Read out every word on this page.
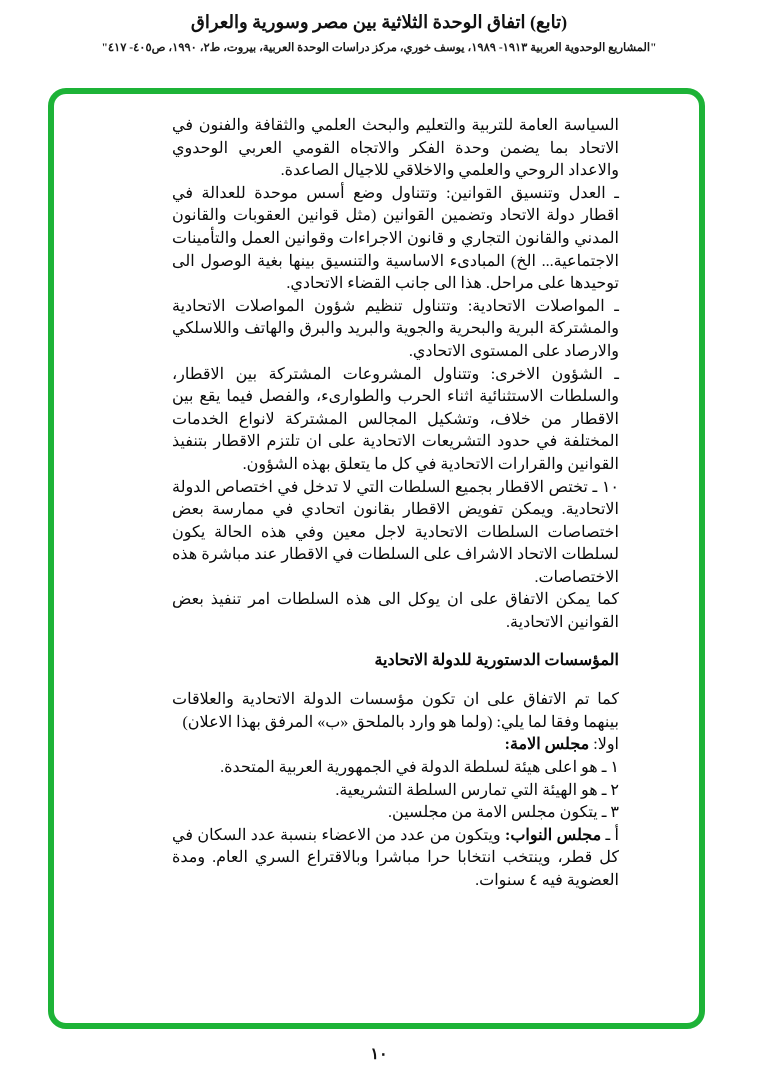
(تابع) اتفاق الوحدة الثلاثية بين مصر وسورية والعراق
"المشاريع الوحدوية العربية ١٩١٣- ١٩٨٩، يوسف خوري، مركز دراسات الوحدة العربية، بيروت، ط٢، ١٩٩٠، ص٤٠٥- ٤١٧"

السياسة العامة للتربية والتعليم والبحث العلمي والثقافة والفنون في الاتحاد بما يضمن وحدة الفكر والاتجاه القومي العربي الوحدوي والاعداد الروحي والعلمي والاخلاقي للاجيال الصاعدة.

ـ العدل وتنسيق القوانين: وتتناول وضع أسس موحدة للعدالة في اقطار دولة الاتحاد وتضمين القوانين (مثل قوانين العقوبات والقانون المدني والقانون التجاري و قانون الاجراءات وقوانين العمل والتأمينات الاجتماعية... الخ) المبادىء الاساسية والتنسيق بينها بغية الوصول الى توحيدها على مراحل. هذا الى جانب القضاء الاتحادي.

ـ المواصلات الاتحادية: وتتناول تنظيم شؤون المواصلات الاتحادية والمشتركة البرية والبحرية والجوية والبريد والبرق والهاتف واللاسلكي والارصاد على المستوى الاتحادي.

ـ الشؤون الاخرى: وتتناول المشروعات المشتركة بين الاقطار، والسلطات الاستثنائية اثناء الحرب والطوارىء، والفصل فيما يقع بين الاقطار من خلاف، وتشكيل المجالس المشتركة لانواع الخدمات المختلفة في حدود التشريعات الاتحادية على ان تلتزم الاقطار بتنفيذ القوانين والقرارات الاتحادية في كل ما يتعلق بهذه الشؤون.

١٠ ـ تختص الاقطار بجميع السلطات التي لا تدخل في اختصاص الدولة الاتحادية. ويمكن تفويض الاقطار بقانون اتحادي في ممارسة بعض اختصاصات السلطات الاتحادية لاجل معين وفي هذه الحالة يكون لسلطات الاتحاد الاشراف على السلطات في الاقطار عند مباشرة هذه الاختصاصات.

كما يمكن الاتفاق على ان يوكل الى هذه السلطات امر تنفيذ بعض القوانين الاتحادية.

المؤسسات الدستورية للدولة الاتحادية

كما تم الاتفاق على ان تكون مؤسسات الدولة الاتحادية والعلاقات بينهما وفقا لما يلي: (ولما هو وارد بالملحق «ب» المرفق بهذا الاعلان)

اولا: مجلس الامة:

١ ـ هو اعلى هيئة لسلطة الدولة في الجمهورية العربية المتحدة.

٢ ـ هو الهيئة التي تمارس السلطة التشريعية.

٣ ـ يتكون مجلس الامة من مجلسين.

أ ـ مجلس النواب: ويتكون من عدد من الاعضاء بنسبة عدد السكان في كل قطر، وينتخب انتخابا حرا مباشرا وبالاقتراع السري العام. ومدة العضوية فيه ٤ سنوات.

١٠
